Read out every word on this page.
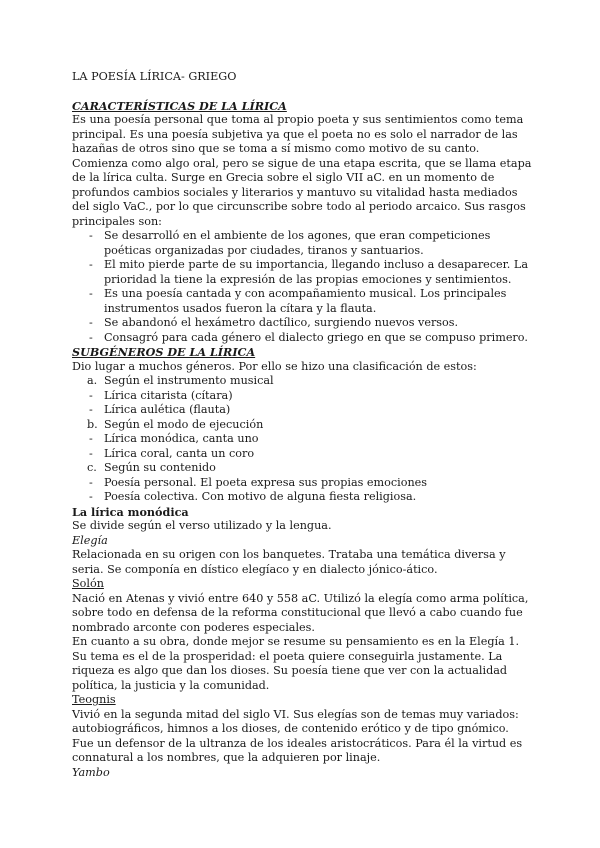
LA POESÍA LÍRICA- GRIEGO

CARACTERÍSTICAS DE LA LÍRICA

Es una poesía personal que toma al propio poeta y sus sentimientos como tema principal. Es una poesía subjetiva ya que el poeta no es solo el narrador de las hazañas de otros sino que se toma a sí mismo como motivo de su canto.

Comienza como algo oral, pero se sigue de una etapa escrita, que se llama etapa de la lírica culta. Surge en Grecia sobre el siglo VII aC. en un momento de profundos cambios sociales y literarios y mantuvo su vitalidad hasta mediados del siglo VaC., por lo que circunscribe sobre todo al periodo arcaico. Sus rasgos principales son:

- Se desarrolló en el ambiente de los agones, que eran competiciones poéticas organizadas por ciudades, tiranos y santuarios.
- El mito pierde parte de su importancia, llegando incluso a desaparecer. La prioridad la tiene la expresión de las propias emociones y sentimientos.
- Es una poesía cantada y con acompañamiento musical. Los principales instrumentos usados fueron la cítara y la flauta.
- Se abandonó el hexámetro dactílico, surgiendo nuevos versos.
- Consagró para cada género el dialecto griego en que se compuso primero.

SUBGÉNEROS DE LA LÍRICA

Dio lugar a muchos géneros. Por ello se hizo una clasificación de estos:

a. Según el instrumento musical
- Lírica citarista (cítara)
- Lírica aulética (flauta)
b. Según el modo de ejecución
- Lírica monódica, canta uno
- Lírica coral, canta un coro
c. Según su contenido
- Poesía personal. El poeta expresa sus propias emociones
- Poesía colectiva. Con motivo de alguna fiesta religiosa.

La lírica monódica

Se divide según el verso utilizado y la lengua.

Elegía

Relacionada en su origen con los banquetes. Trataba una temática diversa y seria. Se componía en dístico elegíaco y en dialecto jónico-ático.

Solón

Nació en Atenas y vivió entre 640 y 558 aC. Utilizó la elegía como arma política, sobre todo en defensa de la reforma constitucional que llevó a cabo cuando fue nombrado arconte con poderes especiales.

En cuanto a su obra, donde mejor se resume su pensamiento es en la Elegía 1. Su tema es el de la prosperidad: el poeta quiere conseguirla justamente. La riqueza es algo que dan los dioses. Su poesía tiene que ver con la actualidad política, la justicia y la comunidad.

Teognis

Vivió en la segunda mitad del siglo VI. Sus elegías son de temas muy variados: autobiográficos, himnos a los dioses, de contenido erótico y de tipo gnómico. Fue un defensor de la ultranza de los ideales aristocráticos. Para él la virtud es connatural a los nombres, que la adquieren por linaje.

Yambo
